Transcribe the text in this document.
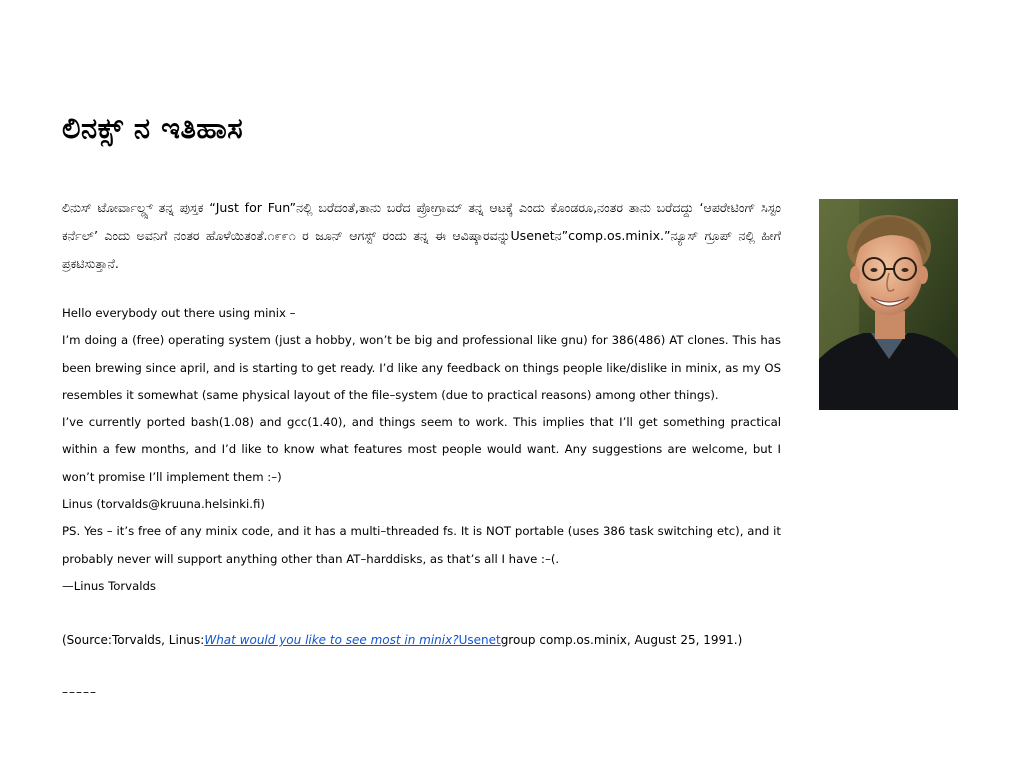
ಲಿನಕ್ಸ್ ನ ಇತಿಹಾಸ
ಲಿನುಸ್ ಟೋರ್ವಾಲ್ಡ್ಸ್ ತನ್ನ ಪುಸ್ತಕ “Just for Fun”ನಲ್ಲಿ ಬರೆದಂತೆ,ತಾನು ಬರೆದ ಪ್ರೋಗ್ರಾಮ್ ತನ್ನ ಆಟಕ್ಕೆ ಎಂದು ಕೊಂಡರೂ,ನಂತರ ತಾನು ಬರೆದದ್ದು ‘ಆಪರೇಟಿಂಗ್ ಸಿಸ್ಟಂ ಕರ್ನೆಲ್’ ಎಂದು ಅವನಿಗೆ ನಂತರ ಹೊಳೆಯಿತಂತೆ.೧೯೯೧ ರ ಜೂನ್ ಆಗಸ್ಟ್ ರಂದು ತನ್ನ ಈ ಆವಿಷ್ಕಾರವನ್ನುUsenetನ”comp.os.minix.”ನ್ಯೂಸ್ ಗ್ರೂಪ್ ನಲ್ಲಿ ಹೀಗೆ ಪ್ರಕಟಿಸುತ್ತಾನೆ.

Hello everybody out there using minix –

I’m doing a (free) operating system (just a hobby, won’t be big and professional like gnu) for 386(486) AT clones. This has been brewing since april, and is starting to get ready. I’d like any feedback on things people like/dislike in minix, as my OS resembles it somewhat (same physical layout of the file–system (due to practical reasons) among other things).

I’ve currently ported bash(1.08) and gcc(1.40), and things seem to work. This implies that I’ll get something practical within a few months, and I’d like to know what features most people would want. Any suggestions are welcome, but I won’t promise I’ll implement them :–)

Linus (torvalds@kruuna.helsinki.fi)

PS. Yes – it’s free of any minix code, and it has a multi–threaded fs. It is NOT portable (uses 386 task switching etc), and it probably never will support anything other than AT–harddisks, as that’s all I have :–(.

—Linus Torvalds

(Source:Torvalds, Linus:What would you like to see most in minix?Usenetgroup comp.os.minix, August 25, 1991.)
–––––
